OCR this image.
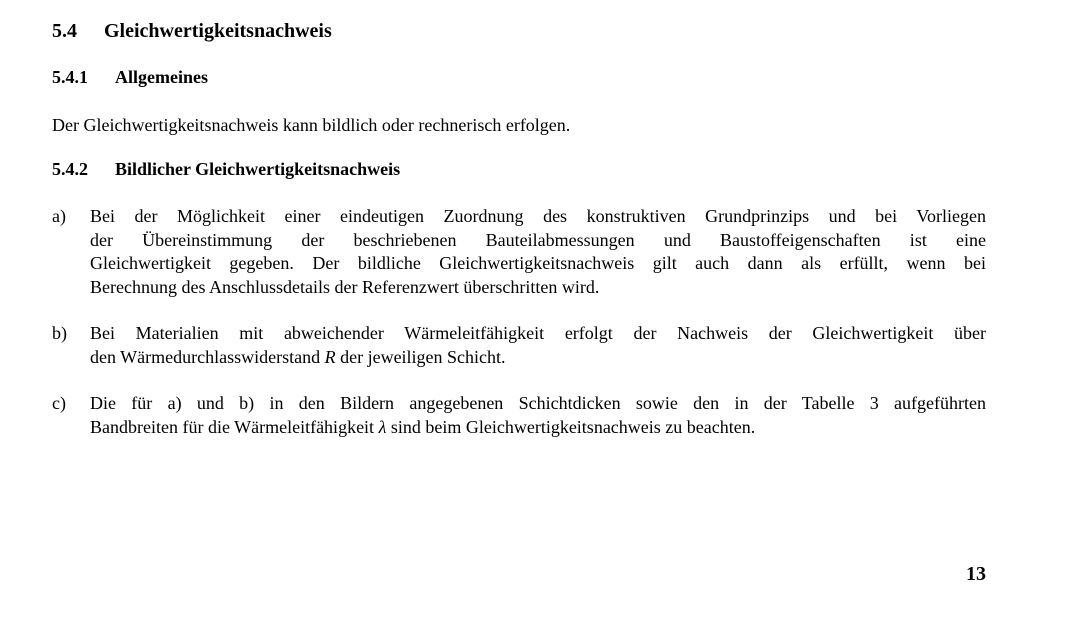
5.4 Gleichwertigkeitsnachweis
5.4.1 Allgemeines
Der Gleichwertigkeitsnachweis kann bildlich oder rechnerisch erfolgen.
5.4.2 Bildlicher Gleichwertigkeitsnachweis
a) Bei der Möglichkeit einer eindeutigen Zuordnung des konstruktiven Grundprinzips und bei Vorliegen
der Übereinstimmung der beschriebenen Bauteilabmessungen und Baustoffeigenschaften ist eine
Gleichwertigkeit gegeben. Der bildliche Gleichwertigkeitsnachweis gilt auch dann als erfüllt, wenn bei
Berechnung des Anschlussdetails der Referenzwert überschritten wird.
b) Bei Materialien mit abweichender Wärmeleitfähigkeit erfolgt der Nachweis der Gleichwertigkeit über
den Wärmedurchlasswiderstand R der jeweiligen Schicht.
c) Die für a) und b) in den Bildern angegebenen Schichtdicken sowie den in der Tabelle 3 aufgeführten
Bandbreiten für die Wärmeleitfähigkeit λ sind beim Gleichwertigkeitsnachweis zu beachten.
13
